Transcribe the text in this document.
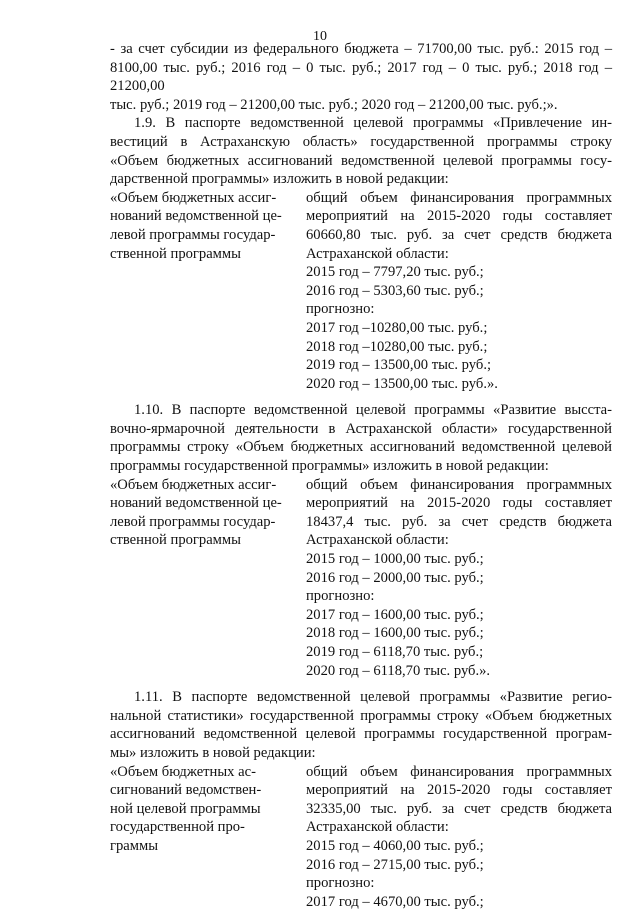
10
- за счет субсидии из федерального бюджета – 71700,00 тыс. руб.: 2015 год –
8100,00 тыс. руб.; 2016 год – 0 тыс. руб.; 2017 год – 0 тыс. руб.; 2018 год – 21200,00
тыс. руб.; 2019 год – 21200,00 тыс. руб.; 2020 год – 21200,00 тыс. руб.;».
1.9. В паспорте ведомственной целевой программы «Привлечение ин-
вестиций в Астраханскую область» государственной программы строку
«Объем бюджетных ассигнований ведомственной целевой программы госу-
дарственной программы» изложить в новой редакции:
«Объем бюджетных ассиг-
нований ведомственной це-
левой программы государ-
ственной программы
общий объем финансирования программных
мероприятий на 2015-2020 годы составляет
60660,80 тыс. руб. за счет средств бюджета
Астраханской области:
2015 год – 7797,20 тыс. руб.;
2016 год – 5303,60 тыс. руб.;
прогнозно:
2017 год –10280,00 тыс. руб.;
2018 год –10280,00 тыс. руб.;
2019 год – 13500,00 тыс. руб.;
2020 год – 13500,00 тыс. руб.».
1.10. В паспорте ведомственной целевой программы «Развитие высста-
вочно-ярмарочной деятельности в Астраханской области» государственной
программы строку «Объем бюджетных ассигнований ведомственной целевой
программы государственной программы» изложить в новой редакции:
«Объем бюджетных ассиг-
нований ведомственной це-
левой программы государ-
ственной программы
общий объем финансирования программных
мероприятий на 2015-2020 годы составляет
18437,4 тыс. руб. за счет средств бюджета
Астраханской области:
2015 год – 1000,00 тыс. руб.;
2016 год – 2000,00 тыс. руб.;
прогнозно:
2017 год – 1600,00 тыс. руб.;
2018 год – 1600,00 тыс. руб.;
2019 год – 6118,70 тыс. руб.;
2020 год – 6118,70 тыс. руб.».
1.11. В паспорте ведомственной целевой программы «Развитие регио-
нальной статистики» государственной программы строку «Объем бюджетных
ассигнований ведомственной целевой программы государственной програм-
мы» изложить в новой редакции:
«Объем бюджетных ас-
сигнований ведомствен-
ной целевой программы
государственной про-
граммы
общий объем финансирования программных
мероприятий на 2015-2020 годы составляет
32335,00 тыс. руб. за счет средств бюджета
Астраханской области:
2015 год – 4060,00 тыс. руб.;
2016 год – 2715,00 тыс. руб.;
прогнозно:
2017 год – 4670,00 тыс. руб.;
